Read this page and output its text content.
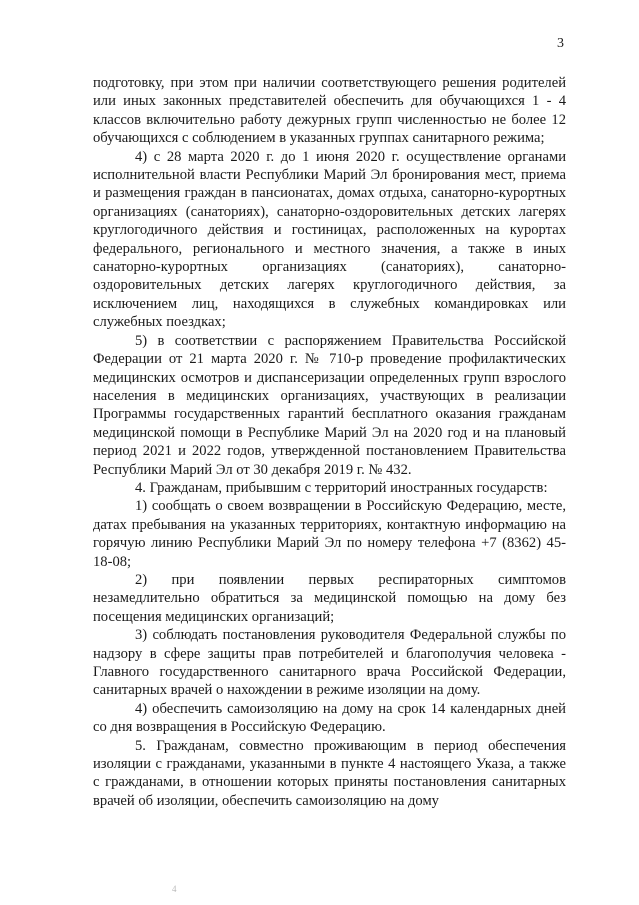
3

подготовку, при этом при наличии соответствующего решения родителей или иных законных представителей обеспечить для обучающихся 1 - 4 классов включительно работу дежурных групп численностью не более 12 обучающихся с соблюдением в указанных группах санитарного режима;

4) с 28 марта 2020 г. до 1 июня 2020 г. осуществление органами исполнительной власти Республики Марий Эл бронирования мест, приема и размещения граждан в пансионатах, домах отдыха, санаторно-курортных организациях (санаториях), санаторно-оздоровительных детских лагерях круглогодичного действия и гостиницах, расположенных на курортах федерального, регионального и местного значения, а также в иных санаторно-курортных организациях (санаториях), санаторно-оздоровительных детских лагерях круглогодичного действия, за исключением лиц, находящихся в служебных командировках или служебных поездках;

5) в соответствии с распоряжением Правительства Российской Федерации от 21 марта 2020 г. № 710-р проведение профилактических медицинских осмотров и диспансеризации определенных групп взрослого населения в медицинских организациях, участвующих в реализации Программы государственных гарантий бесплатного оказания гражданам медицинской помощи в Республике Марий Эл на 2020 год и на плановый период 2021 и 2022 годов, утвержденной постановлением Правительства Республики Марий Эл от 30 декабря 2019 г. № 432.

4. Гражданам, прибывшим с территорий иностранных государств:

1) сообщать о своем возвращении в Российскую Федерацию, месте, датах пребывания на указанных территориях, контактную информацию на горячую линию Республики Марий Эл по номеру телефона +7 (8362) 45-18-08;

2) при появлении первых респираторных симптомов незамедлительно обратиться за медицинской помощью на дому без посещения медицинских организаций;

3) соблюдать постановления руководителя Федеральной службы по надзору в сфере защиты прав потребителей и благополучия человека - Главного государственного санитарного врача Российской Федерации, санитарных врачей о нахождении в режиме изоляции на дому.

4) обеспечить самоизоляцию на дому на срок 14 календарных дней со дня возвращения в Российскую Федерацию.

5. Гражданам, совместно проживающим в период обеспечения изоляции с гражданами, указанными в пункте 4 настоящего Указа, а также с гражданами, в отношении которых приняты постановления санитарных врачей об изоляции, обеспечить самоизоляцию на дому

4
